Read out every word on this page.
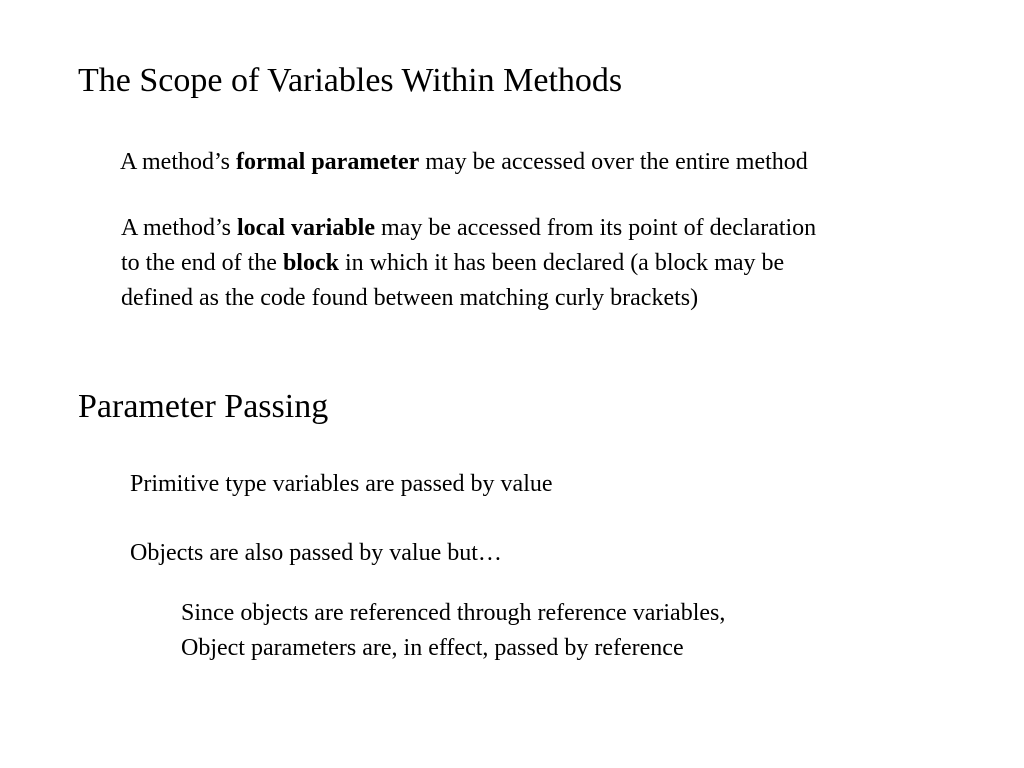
The Scope of Variables Within Methods

A method’s formal parameter may be accessed over the entire method

A method’s local variable may be accessed from its point of declaration
to the end of the block in which it has been declared (a block may be
defined as the code found between matching curly brackets)
Parameter Passing

Primitive type variables are passed by value

Objects are also passed by value but…

Since objects are referenced through reference variables,
Object parameters are, in effect, passed by reference
